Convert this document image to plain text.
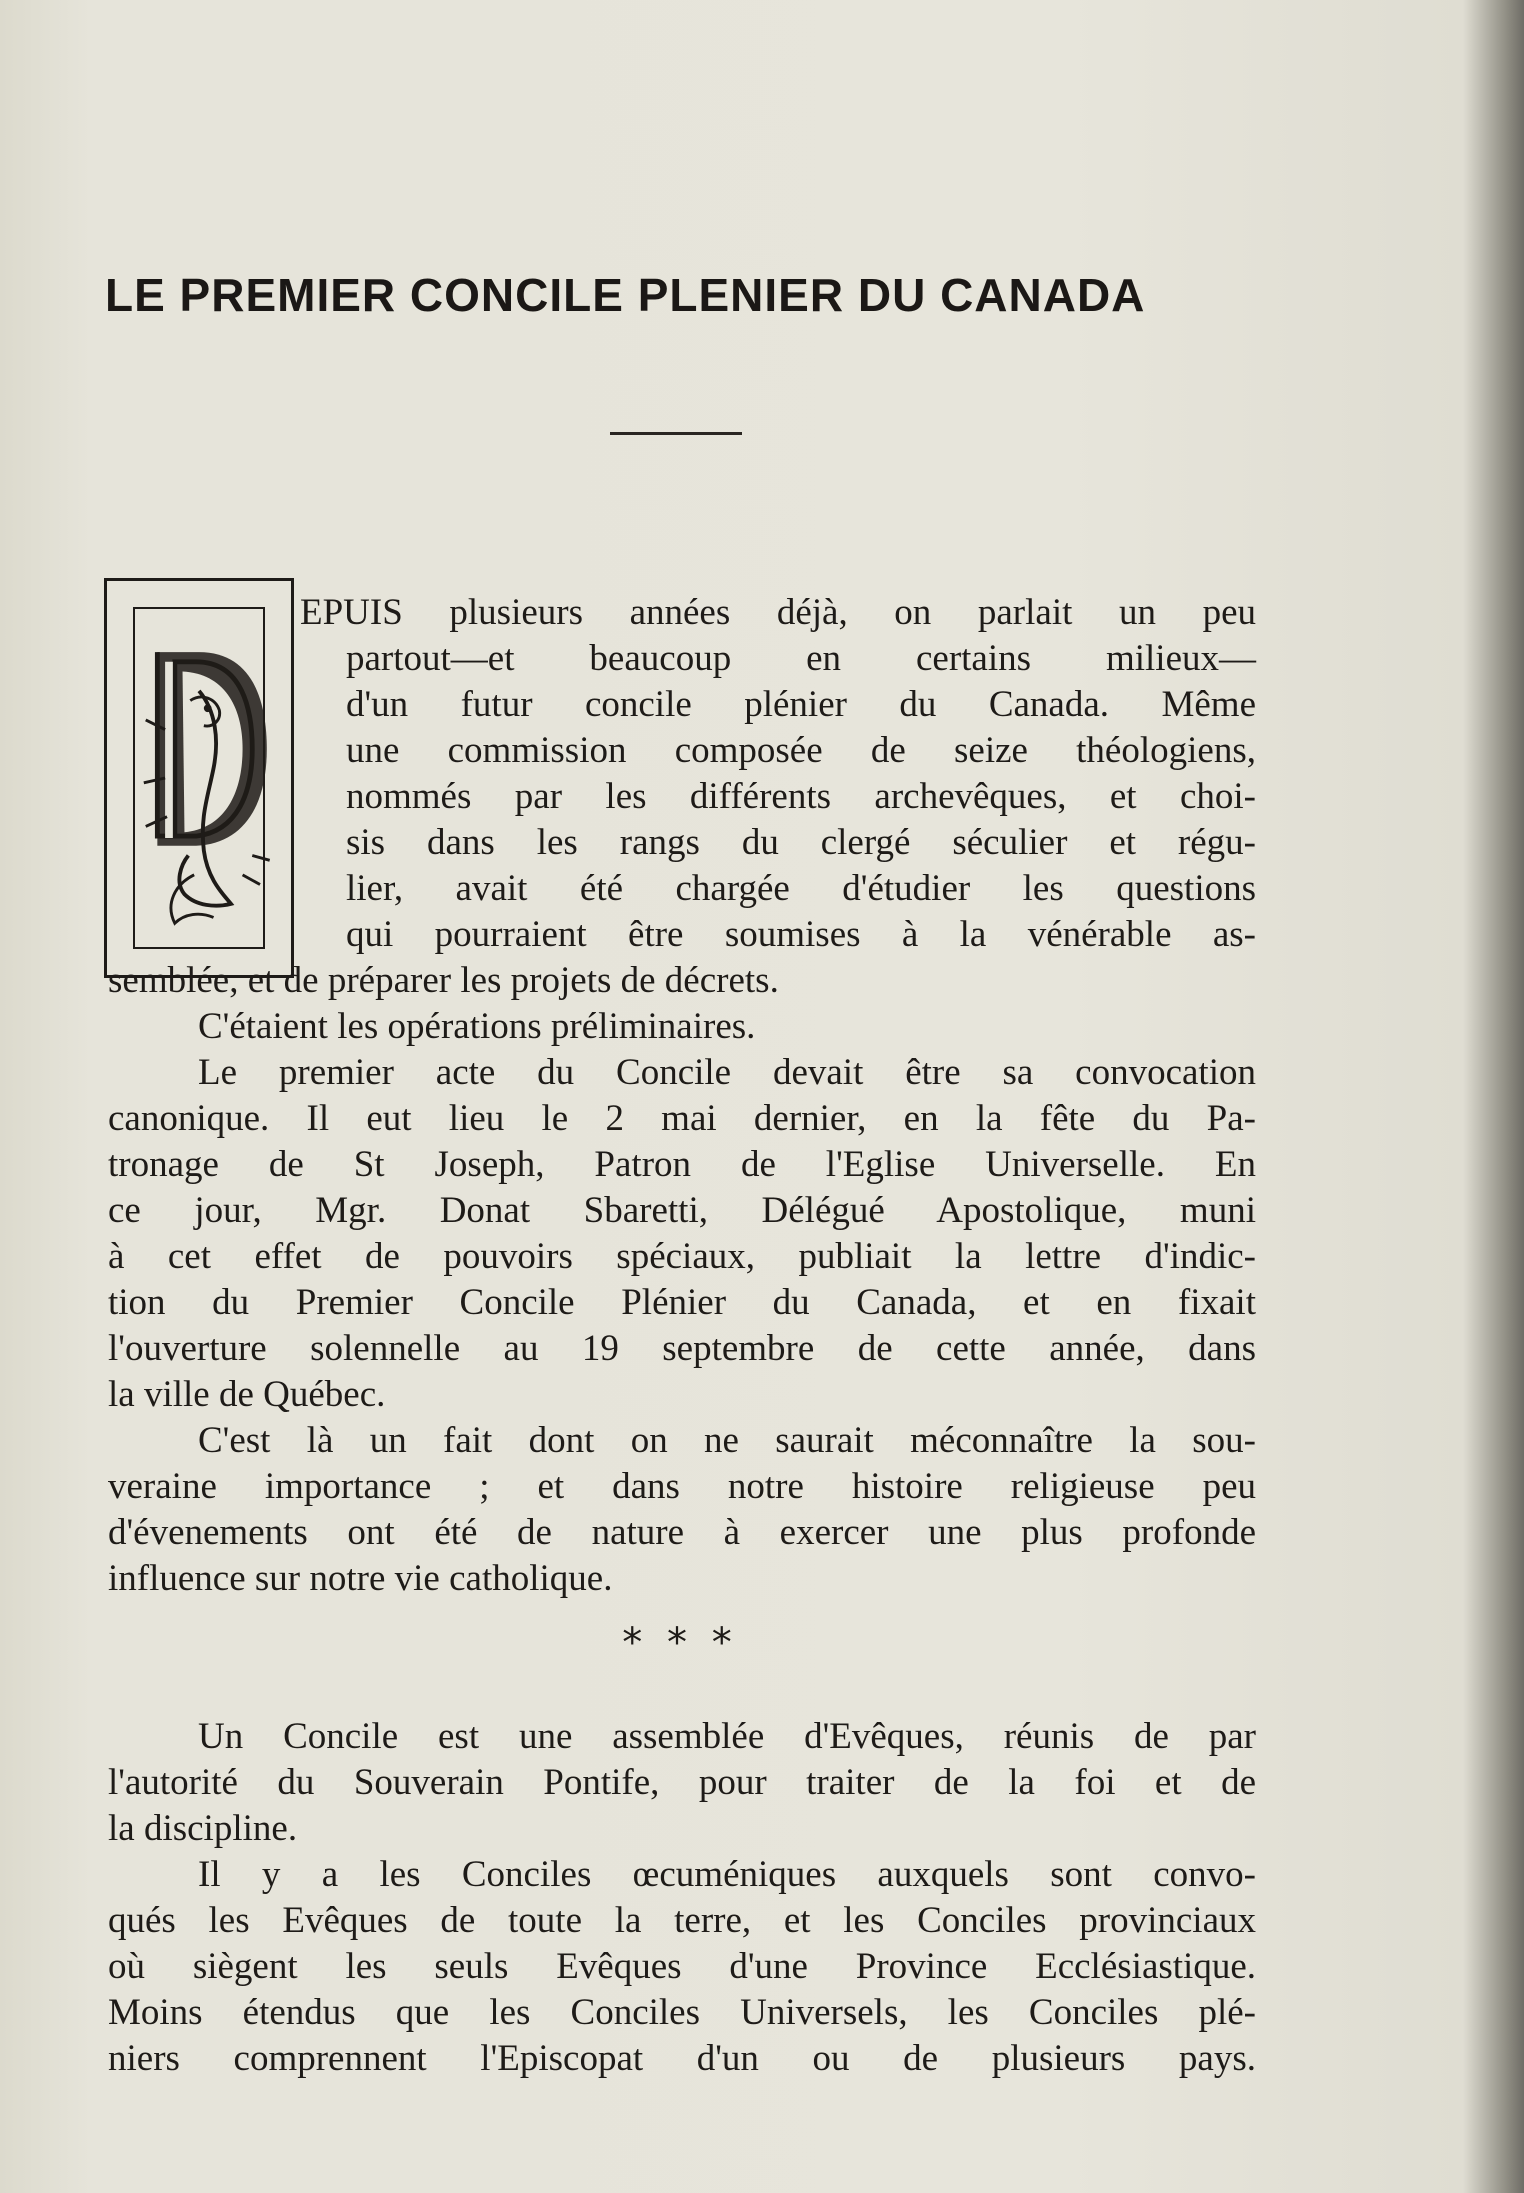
LE PREMIER CONCILE PLENIER DU CANADA
EPUIS plusieurs années déjà, on parlait un peu
partout—et beaucoup en certains milieux—
d'un futur concile plénier du Canada. Même
une commission composée de seize théologiens,
nommés par les différents archevêques, et choi-
sis dans les rangs du clergé séculier et régu-
lier, avait été chargée d'étudier les questions
qui pourraient être soumises à la vénérable as-
semblée, et de préparer les projets de décrets.
C'étaient les opérations préliminaires.
Le premier acte du Concile devait être sa convocation
canonique. Il eut lieu le 2 mai dernier, en la fête du Pa-
tronage de St Joseph, Patron de l'Eglise Universelle. En
ce jour, Mgr. Donat Sbaretti, Délégué Apostolique, muni
à cet effet de pouvoirs spéciaux, publiait la lettre d'indic-
tion du Premier Concile Plénier du Canada, et en fixait
l'ouverture solennelle au 19 septembre de cette année, dans
la ville de Québec.
C'est là un fait dont on ne saurait méconnaître la sou-
veraine importance ; et dans notre histoire religieuse peu
d'évenements ont été de nature à exercer une plus profonde
influence sur notre vie catholique.
Un Concile est une assemblée d'Evêques, réunis de par
l'autorité du Souverain Pontife, pour traiter de la foi et de
la discipline.
Il y a les Conciles œcuméniques auxquels sont convo-
qués les Evêques de toute la terre, et les Conciles provinciaux
où siègent les seuls Evêques d'une Province Ecclésiastique.
Moins étendus que les Conciles Universels, les Conciles plé-
niers comprennent l'Episcopat d'un ou de plusieurs pays.
* * *
